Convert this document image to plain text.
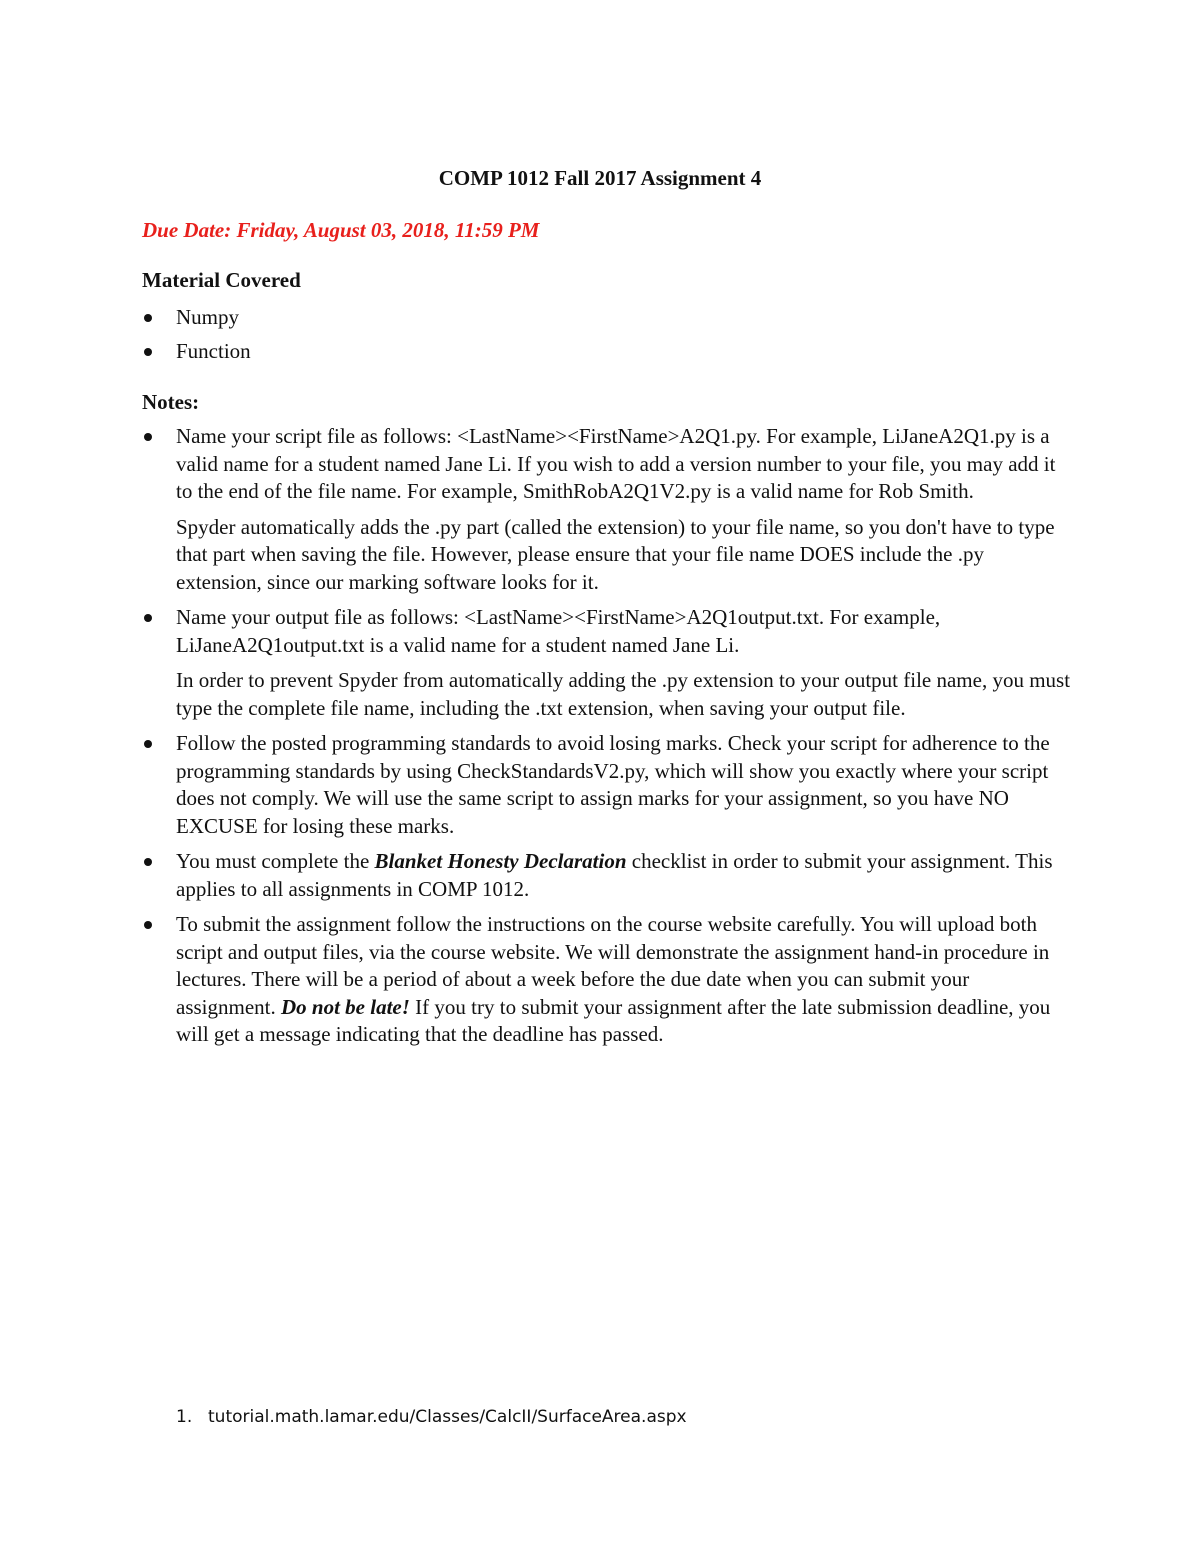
COMP 1012 Fall 2017 Assignment 4
Due Date: Friday, August 03, 2018, 11:59 PM
Material Covered
Numpy
Function
Notes:

Name your script file as follows: <LastName><FirstName>A2Q1.py. For example, LiJaneA2Q1.py is a valid name for a student named Jane Li. If you wish to add a version number to your file, you may add it to the end of the file name. For example, SmithRobA2Q1V2.py is a valid name for Rob Smith.

Spyder automatically adds the .py part (called the extension) to your file name, so you don't have to type that part when saving the file. However, please ensure that your file name DOES include the .py extension, since our marking software looks for it.

Name your output file as follows: <LastName><FirstName>A2Q1output.txt. For example, LiJaneA2Q1output.txt is a valid name for a student named Jane Li.

In order to prevent Spyder from automatically adding the .py extension to your output file name, you must type the complete file name, including the .txt extension, when saving your output file.

Follow the posted programming standards to avoid losing marks. Check your script for adherence to the programming standards by using CheckStandardsV2.py, which will show you exactly where your script does not comply. We will use the same script to assign marks for your assignment, so you have NO EXCUSE for losing these marks.

You must complete the Blanket Honesty Declaration checklist in order to submit your assignment. This applies to all assignments in COMP 1012.

To submit the assignment follow the instructions on the course website carefully. You will upload both script and output files, via the course website. We will demonstrate the assignment hand-in procedure in lectures. There will be a period of about a week before the due date when you can submit your assignment. Do not be late! If you try to submit your assignment after the late submission deadline, you will get a message indicating that the deadline has passed.

1. tutorial.math.lamar.edu/Classes/CalcII/SurfaceArea.aspx
